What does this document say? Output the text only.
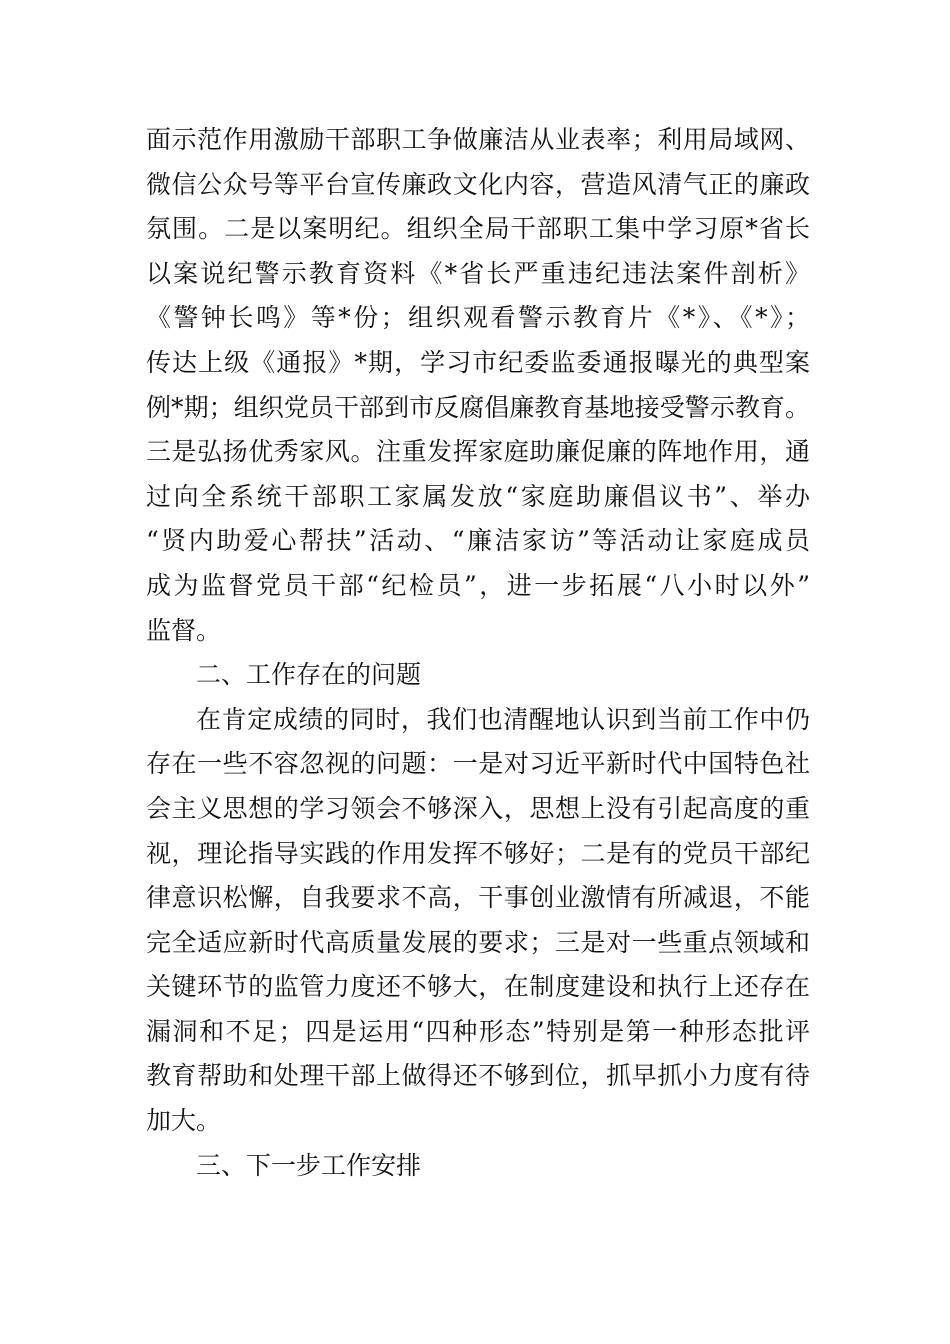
面示范作用激励干部职工争做廉洁从业表率；利用局域网、
微信公众号等平台宣传廉政文化内容，营造风清气正的廉政
氛围。二是以案明纪。组织全局干部职工集中学习原*省长
以案说纪警示教育资料《*省长严重违纪违法案件剖析》
《警钟长鸣》等*份；组织观看警示教育片《*》、《*》；
传达上级《通报》*期，学习市纪委监委通报曝光的典型案
例*期；组织党员干部到市反腐倡廉教育基地接受警示教育。
三是弘扬优秀家风。注重发挥家庭助廉促廉的阵地作用，通
过向全系统干部职工家属发放“家庭助廉倡议书”、举办
“贤内助爱心帮扶”活动、“廉洁家访”等活动让家庭成员
成为监督党员干部“纪检员”，进一步拓展“八小时以外”
监督。
二、工作存在的问题
在肯定成绩的同时，我们也清醒地认识到当前工作中仍
存在一些不容忽视的问题：一是对习近平新时代中国特色社
会主义思想的学习领会不够深入，思想上没有引起高度的重
视，理论指导实践的作用发挥不够好；二是有的党员干部纪
律意识松懈，自我要求不高，干事创业激情有所减退，不能
完全适应新时代高质量发展的要求；三是对一些重点领域和
关键环节的监管力度还不够大，在制度建设和执行上还存在
漏洞和不足；四是运用“四种形态”特别是第一种形态批评
教育帮助和处理干部上做得还不够到位，抓早抓小力度有待
加大。
三、下一步工作安排
